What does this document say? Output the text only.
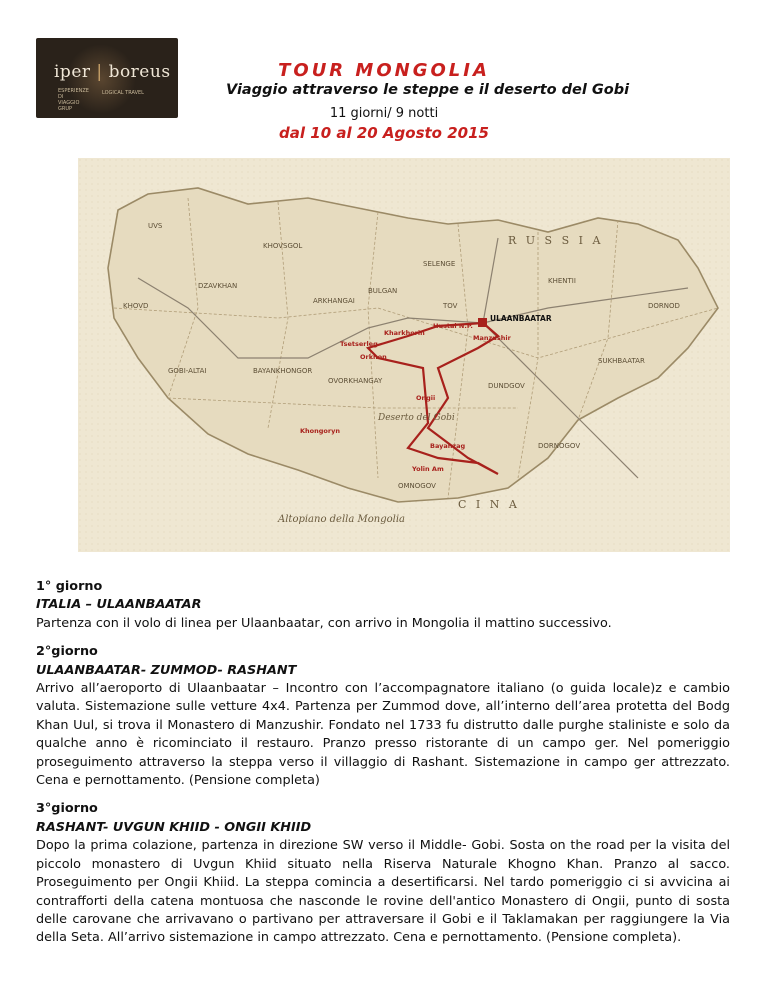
iper | boreus
ESPERIENZE DI VIAGGIO GRUP
LOGICAL TRAVEL
TOUR MONGOLIA
Viaggio attraverso le steppe e il deserto del Gobi
11 giorni/ 9 notti
dal 10 al 20 Agosto 2015
R U S S I A
C I N A
Altopiano della Mongolia
Deserto del Gobi
SELENGE
TOV
BULGAN
ARKHANGAI
KHOVSGOL
DZAVKHAN
KHOVD
UVS
GOBI-ALTAI	BAYANKHONGOR
OVORKHANGAY
DUNDGOV
DORNOGOV
OMNOGOV
SUKHBAATAR
KHENTII
DORNOD
ULAANBAATAR
Hustai N.P.
Manzushir
Kharkhorin
Tsetserleg
Orkhon
Ongii
Khongoryn
Bayanzag
Yolin Am
1° giorno
ITALIA – ULAANBAATAR
Partenza con il volo di linea per Ulaanbaatar, con arrivo in Mongolia il mattino successivo.
2°giorno
ULAANBAATAR- ZUMMOD- RASHANT
Arrivo all’aeroporto di Ulaanbaatar – Incontro con l’accompagnatore italiano (o guida locale)z e cambio valuta. Sistemazione sulle vetture 4x4. Partenza per Zummod dove, all’interno dell’area protetta del Bodg Khan Uul, si trova il Monastero di Manzushir. Fondato nel 1733 fu distrutto dalle purghe staliniste e solo da qualche anno è ricominciato il restauro. Pranzo presso ristorante di un campo ger. Nel pomeriggio proseguimento attraverso la steppa verso il villaggio di Rashant. Sistemazione in campo ger attrezzato. Cena e pernottamento. (Pensione completa)
3°giorno
RASHANT- UVGUN KHIID - ONGII KHIID
Dopo la prima colazione, partenza in direzione SW verso il Middle- Gobi. Sosta on the road per la visita del piccolo monastero di Uvgun Khiid situato nella Riserva Naturale Khogno Khan. Pranzo al sacco. Proseguimento per Ongii Khiid. La steppa comincia a desertificarsi. Nel tardo pomeriggio ci si avvicina ai contrafforti della catena montuosa che nasconde le rovine dell'antico Monastero di Ongii, punto di sosta delle carovane che arrivavano o partivano per attraversare il Gobi e il Taklamakan per raggiungere la Via della Seta. All’arrivo sistemazione in campo attrezzato. Cena e pernottamento. (Pensione completa).
